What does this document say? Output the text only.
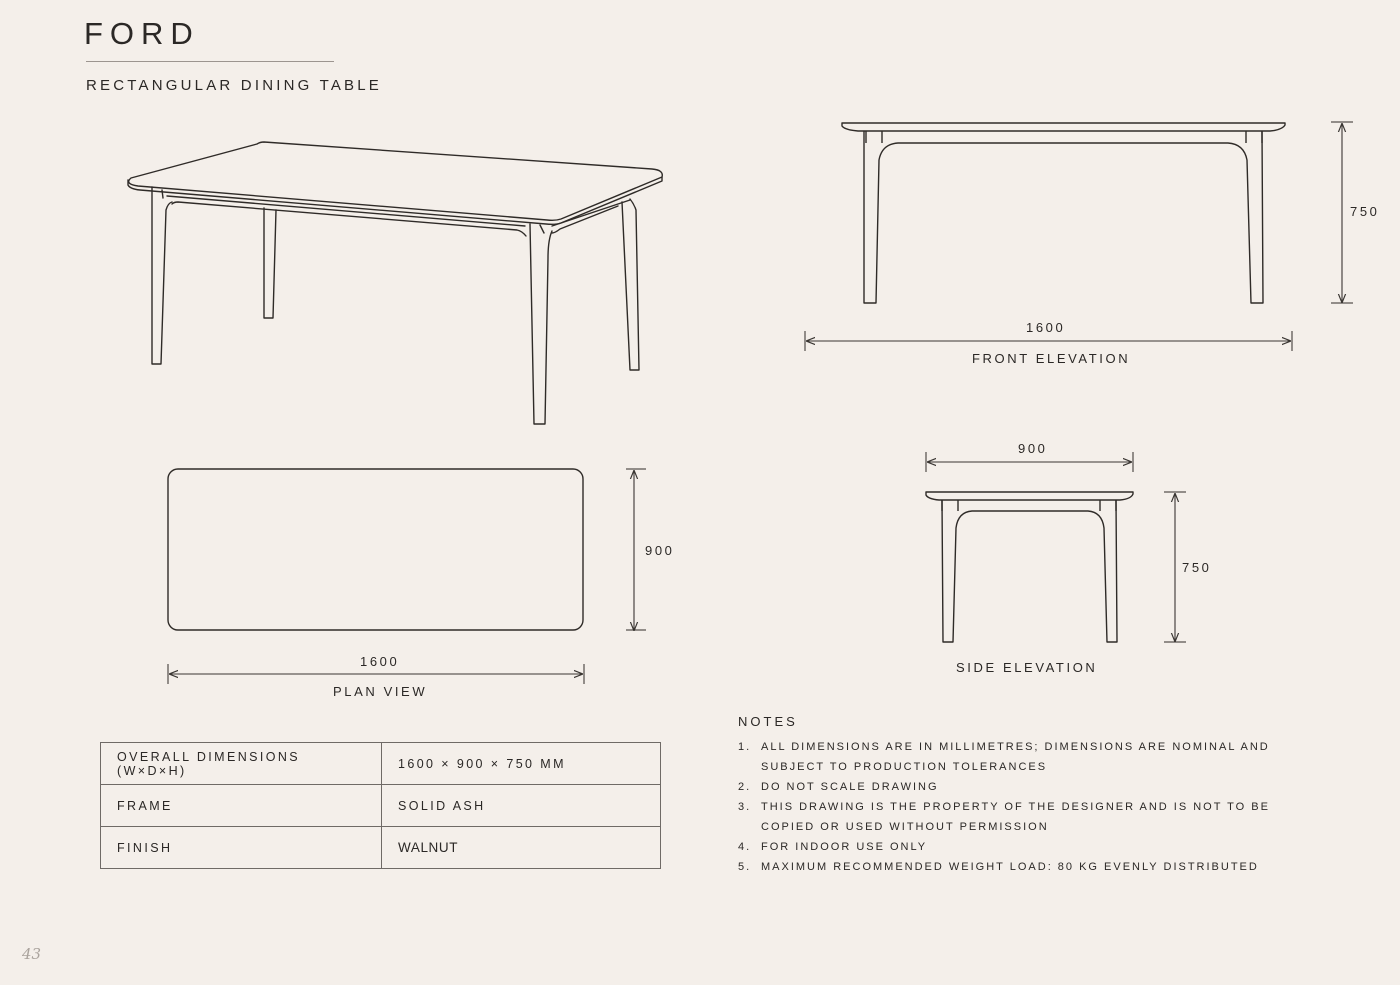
FORD
RECTANGULAR DINING TABLE
900
1600
PLAN VIEW
750
1600
FRONT ELEVATION
900
750
SIDE ELEVATION
OVERALL DIMENSIONS (W×D×H)	1600 × 900 × 750 MM
FRAME	SOLID ASH
FINISH	WALNUT
NOTES
1. ALL DIMENSIONS ARE IN MILLIMETRES; DIMENSIONS ARE NOMINAL AND SUBJECT TO PRODUCTION TOLERANCES
2. DO NOT SCALE DRAWING
3. THIS DRAWING IS THE PROPERTY OF THE DESIGNER AND IS NOT TO BE COPIED OR USED WITHOUT PERMISSION
4. FOR INDOOR USE ONLY
5. MAXIMUM RECOMMENDED WEIGHT LOAD: 80 KG EVENLY DISTRIBUTED
43
